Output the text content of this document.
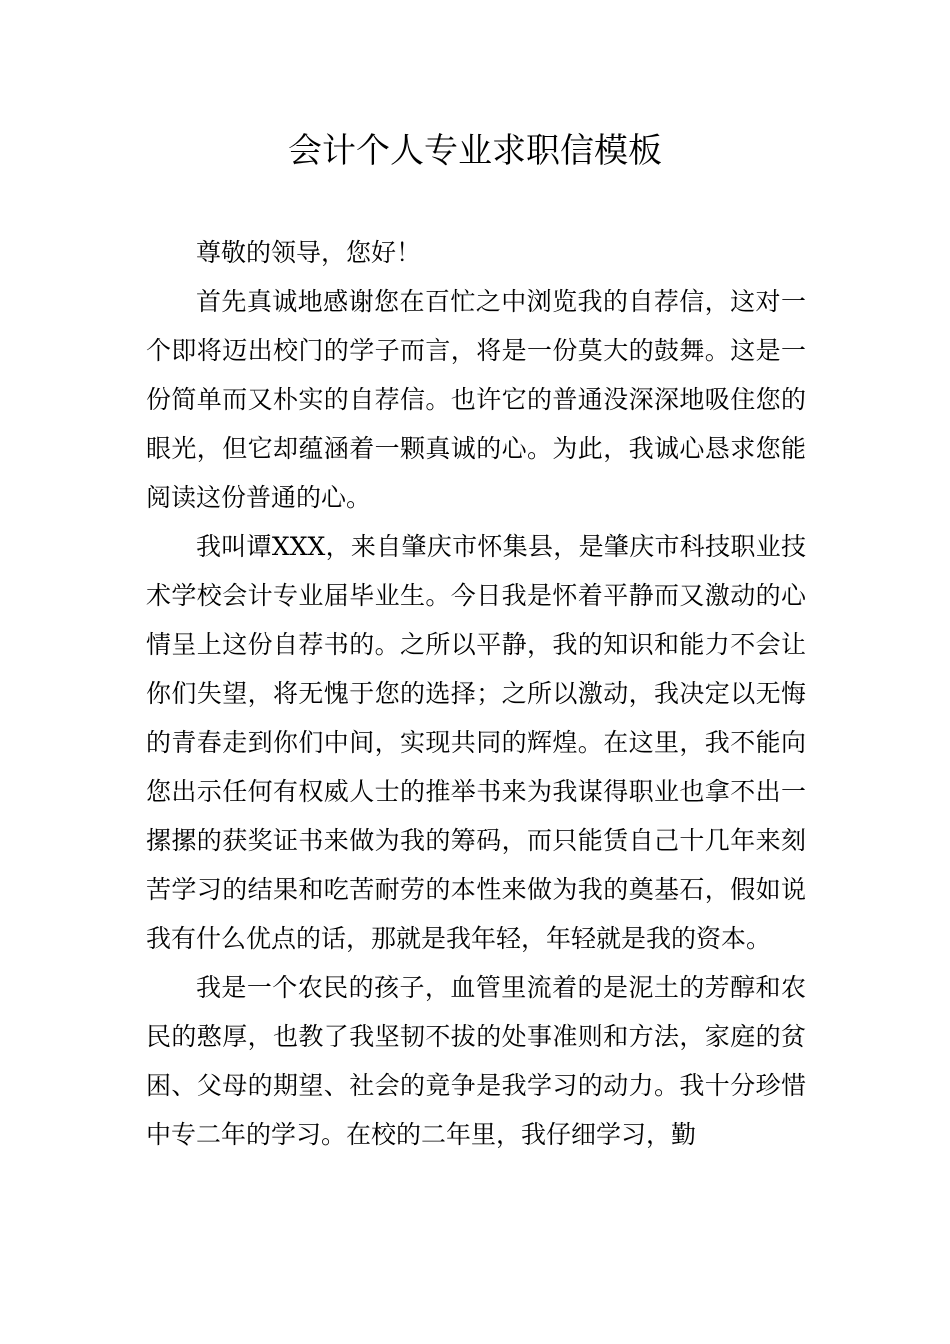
会计个人专业求职信模板

尊敬的领导，您好！

首先真诚地感谢您在百忙之中浏览我的自荐信，这对一个即将迈出校门的学子而言，将是一份莫大的鼓舞。这是一份简单而又朴实的自荐信。也许它的普通没深深地吸住您的眼光，但它却蕴涵着一颗真诚的心。为此，我诚心恳求您能阅读这份普通的心。

我叫谭XXX，来自肇庆市怀集县，是肇庆市科技职业技术学校会计专业届毕业生。今日我是怀着平静而又激动的心情呈上这份自荐书的。之所以平静，我的知识和能力不会让你们失望，将无愧于您的选择；之所以激动，我决定以无悔的青春走到你们中间，实现共同的辉煌。在这里，我不能向您出示任何有权威人士的推举书来为我谋得职业也拿不出一摞摞的获奖证书来做为我的筹码，而只能赁自己十几年来刻苦学习的结果和吃苦耐劳的本性来做为我的奠基石，假如说我有什么优点的话，那就是我年轻，年轻就是我的资本。

我是一个农民的孩子，血管里流着的是泥土的芳醇和农民的憨厚，也教了我坚韧不拔的处事准则和方法，家庭的贫困、父母的期望、社会的竟争是我学习的动力。我十分珍惜中专二年的学习。在校的二年里，我仔细学习，勤
